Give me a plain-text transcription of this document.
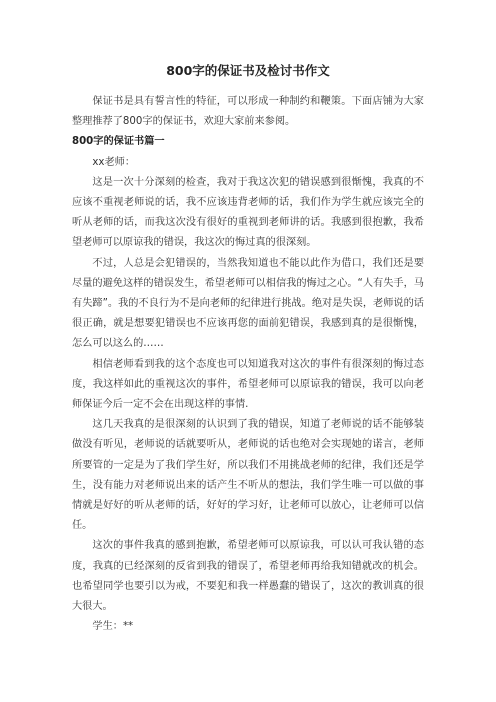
800字的保证书及检讨书作文

保证书是具有誓言性的特征，可以形成一种制约和鞭策。下面店铺为大家整理推荐了800字的保证书，欢迎大家前来参阅。

800字的保证书篇一

xx老师：

这是一次十分深刻的检查，我对于我这次犯的错误感到很惭愧，我真的不应该不重视老师说的话，我不应该违背老师的话，我们作为学生就应该完全的听从老师的话，而我这次没有很好的重视到老师讲的话。我感到很抱歉，我希望老师可以原谅我的错误，我这次的悔过真的很深刻。

不过，人总是会犯错误的，当然我知道也不能以此作为借口，我们还是要尽量的避免这样的错误发生，希望老师可以相信我的悔过之心。“人有失手，马有失蹄”。我的不良行为不是向老师的纪律进行挑战。绝对是失误，老师说的话很正确，就是想要犯错误也不应该再您的面前犯错误，我感到真的是很惭愧，怎么可以这么的……

相信老师看到我的这个态度也可以知道我对这次的事件有很深刻的悔过态度，我这样如此的重视这次的事件，希望老师可以原谅我的错误，我可以向老师保证今后一定不会在出现这样的事情.

这几天我真的是很深刻的认识到了我的错误，知道了老师说的话不能够装做没有听见，老师说的话就要听从，老师说的话也绝对会实现她的诺言，老师所要管的一定是为了我们学生好，所以我们不用挑战老师的纪律，我们还是学生，没有能力对老师说出来的话产生不听从的想法，我们学生唯一可以做的事情就是好好的听从老师的话，好好的学习好，让老师可以放心，让老师可以信任。

这次的事件我真的感到抱歉，希望老师可以原谅我，可以认可我认错的态度，我真的已经深刻的反省到我的错误了，希望老师再给我知错就改的机会。也希望同学也要引以为戒，不要犯和我一样愚蠢的错误了，这次的教训真的很大很大。

学生：**
